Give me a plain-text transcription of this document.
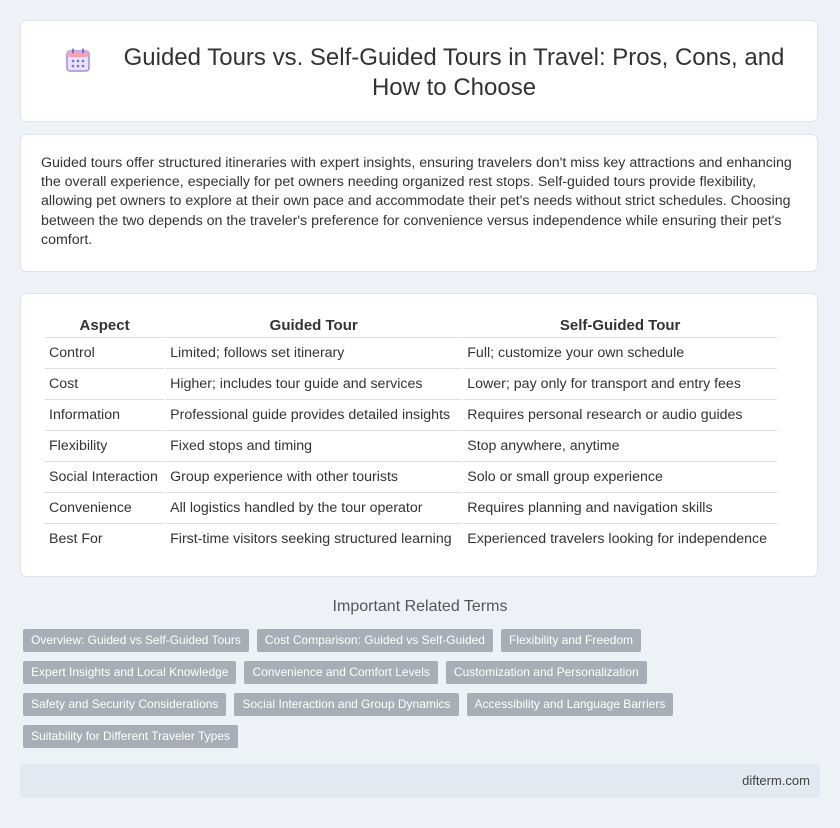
Guided Tours vs. Self-Guided Tours in Travel: Pros, Cons, and How to Choose

Guided tours offer structured itineraries with expert insights, ensuring travelers don't miss key attractions and enhancing the overall experience, especially for pet owners needing organized rest stops. Self-guided tours provide flexibility, allowing pet owners to explore at their own pace and accommodate their pet's needs without strict schedules. Choosing between the two depends on the traveler's preference for convenience versus independence while ensuring their pet's comfort.

Aspect	Guided Tour	Self-Guided Tour
Control	Limited; follows set itinerary	Full; customize your own schedule
Cost	Higher; includes tour guide and services	Lower; pay only for transport and entry fees
Information	Professional guide provides detailed insights	Requires personal research or audio guides
Flexibility	Fixed stops and timing	Stop anywhere, anytime
Social Interaction	Group experience with other tourists	Solo or small group experience
Convenience	All logistics handled by the tour operator	Requires planning and navigation skills
Best For	First-time visitors seeking structured learning	Experienced travelers looking for independence
Important Related Terms
Overview: Guided vs Self-Guided Tours	Cost Comparison: Guided vs Self-Guided	Flexibility and Freedom
Expert Insights and Local Knowledge	Convenience and Comfort Levels	Customization and Personalization
Safety and Security Considerations	Social Interaction and Group Dynamics	Accessibility and Language Barriers
Suitability for Different Traveler Types
difterm.com
